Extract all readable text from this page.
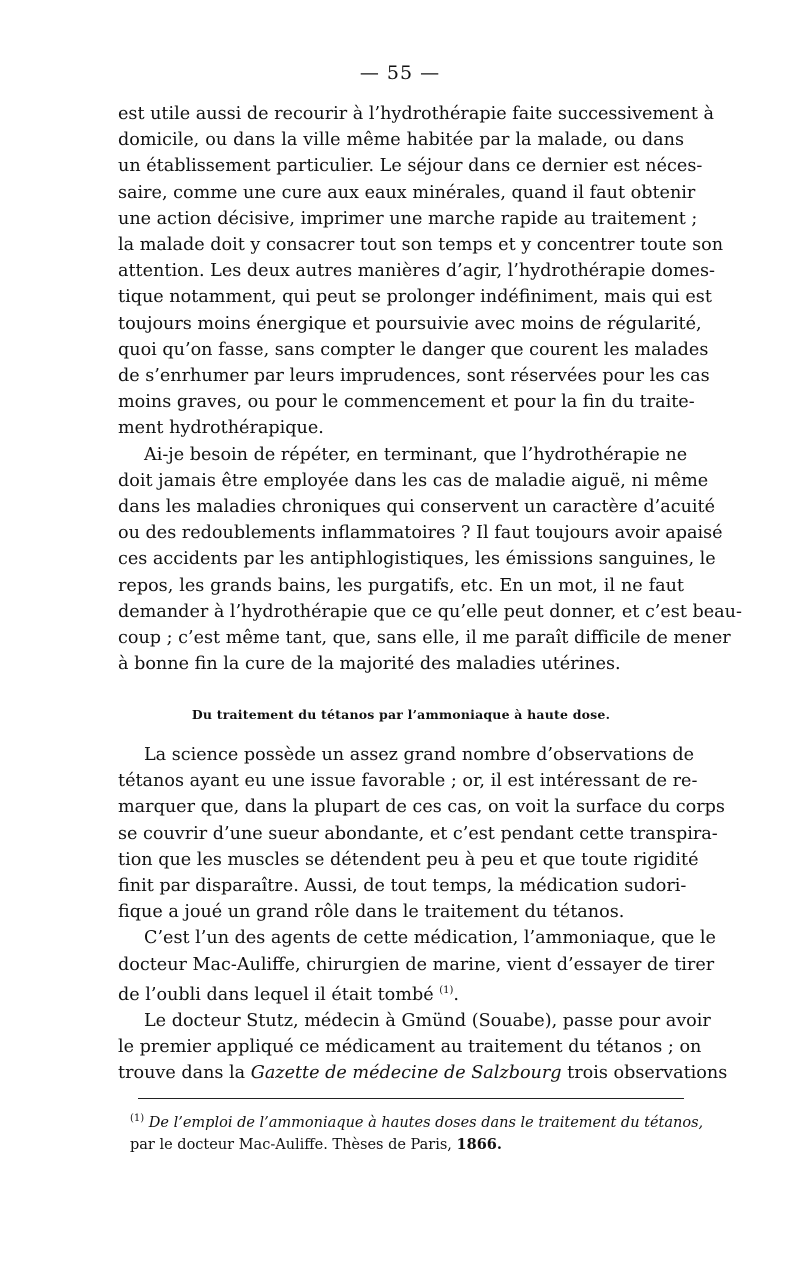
— 55 —
est utile aussi de recourir à l’hydrothérapie faite successivement à
domicile, ou dans la ville même habitée par la malade, ou dans
un établissement particulier. Le séjour dans ce dernier est néces-
saire, comme une cure aux eaux minérales, quand il faut obtenir
une action décisive, imprimer une marche rapide au traitement ;
la malade doit y consacrer tout son temps et y concentrer toute son
attention. Les deux autres manières d’agir, l’hydrothérapie domes-
tique notamment, qui peut se prolonger indéfiniment, mais qui est
toujours moins énergique et poursuivie avec moins de régularité,
quoi qu’on fasse, sans compter le danger que courent les malades
de s’enrhumer par leurs imprudences, sont réservées pour les cas
moins graves, ou pour le commencement et pour la fin du traite-
ment hydrothérapique.
Ai-je besoin de répéter, en terminant, que l’hydrothérapie ne
doit jamais être employée dans les cas de maladie aiguë, ni même
dans les maladies chroniques qui conservent un caractère d’acuité
ou des redoublements inflammatoires ? Il faut toujours avoir apaisé
ces accidents par les antiphlogistiques, les émissions sanguines, le
repos, les grands bains, les purgatifs, etc. En un mot, il ne faut
demander à l’hydrothérapie que ce qu’elle peut donner, et c’est beau-
coup ; c’est même tant, que, sans elle, il me paraît difficile de mener
à bonne fin la cure de la majorité des maladies utérines.
Du traitement du tétanos par l’ammoniaque à haute dose.
La science possède un assez grand nombre d’observations de
tétanos ayant eu une issue favorable ; or, il est intéressant de re-
marquer que, dans la plupart de ces cas, on voit la surface du corps
se couvrir d’une sueur abondante, et c’est pendant cette transpira-
tion que les muscles se détendent peu à peu et que toute rigidité
finit par disparaître. Aussi, de tout temps, la médication sudori-
fique a joué un grand rôle dans le traitement du tétanos.
C’est l’un des agents de cette médication, l’ammoniaque, que le
docteur Mac-Auliffe, chirurgien de marine, vient d’essayer de tirer
de l’oubli dans lequel il était tombé $^{(1)}$.
Le docteur Stutz, médecin à Gmünd (Souabe), passe pour avoir
le premier appliqué ce médicament au traitement du tétanos ; on
trouve dans la Gazette de médecine de Salzbourg trois observations
$^{(1)}$ De l’emploi de l’ammoniaque à hautes doses dans le traitement du tétanos,
par le docteur Mac-Auliffe. Thèses de Paris, 1866.
